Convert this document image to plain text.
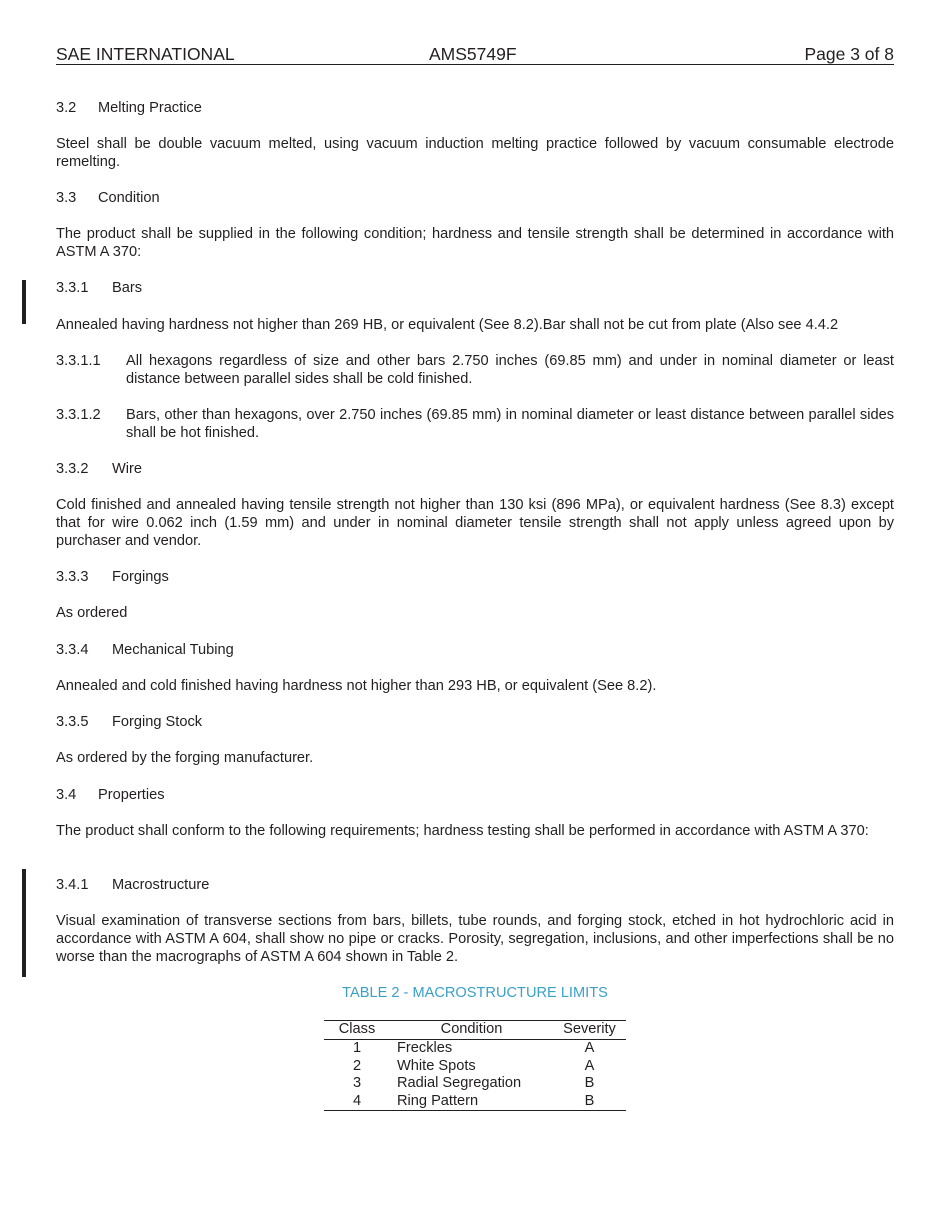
SAE INTERNATIONAL	AMS5749F	Page 3 of 8
3.2 Melting Practice
Steel shall be double vacuum melted, using vacuum induction melting practice followed by vacuum consumable electrode remelting.
3.3 Condition
The product shall be supplied in the following condition; hardness and tensile strength shall be determined in accordance with ASTM A 370:
3.3.1 Bars
Annealed having hardness not higher than 269 HB, or equivalent (See 8.2).Bar shall not be cut from plate (Also see 4.4.2
3.3.1.1 All hexagons regardless of size and other bars 2.750 inches (69.85 mm) and under in nominal diameter or least distance between parallel sides shall be cold finished.
3.3.1.2 Bars, other than hexagons, over 2.750 inches (69.85 mm) in nominal diameter or least distance between parallel sides shall be hot finished.
3.3.2 Wire
Cold finished and annealed having tensile strength not higher than 130 ksi (896 MPa), or equivalent hardness (See 8.3) except that for wire 0.062 inch (1.59 mm) and under in nominal diameter tensile strength shall not apply unless agreed upon by purchaser and vendor.
3.3.3 Forgings
As ordered
3.3.4 Mechanical Tubing
Annealed and cold finished having hardness not higher than 293 HB, or equivalent (See 8.2).
3.3.5 Forging Stock
As ordered by the forging manufacturer.
3.4 Properties
The product shall conform to the following requirements; hardness testing shall be performed in accordance with ASTM A 370:
3.4.1 Macrostructure
Visual examination of transverse sections from bars, billets, tube rounds, and forging stock, etched in hot hydrochloric acid in accordance with ASTM A 604, shall show no pipe or cracks. Porosity, segregation, inclusions, and other imperfections shall be no worse than the macrographs of ASTM A 604 shown in Table 2.
TABLE 2 - MACROSTRUCTURE LIMITS
Class	Condition	Severity
1	Freckles	A
2	White Spots	A
3	Radial Segregation	B
4	Ring Pattern	B
